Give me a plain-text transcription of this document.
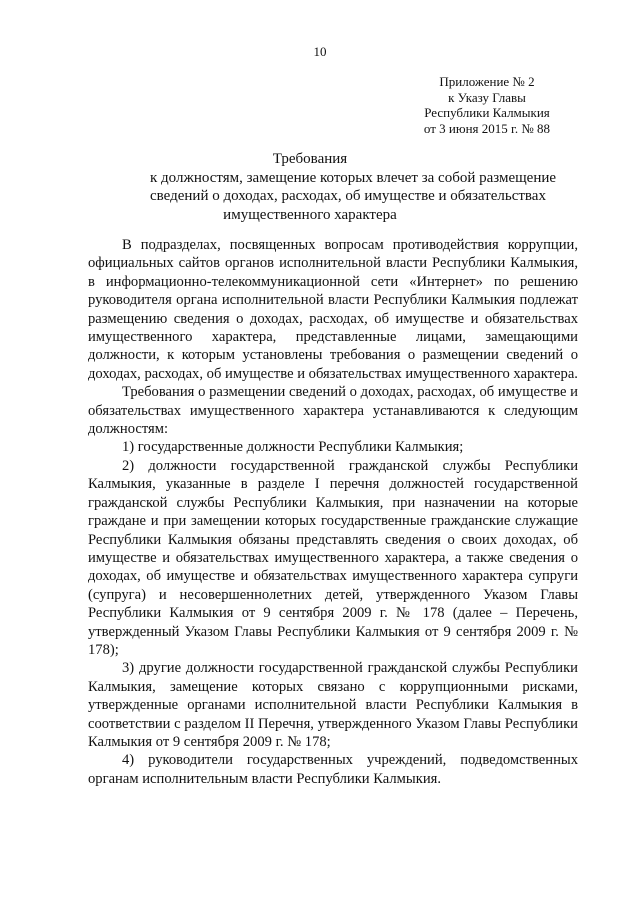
10
Приложение № 2
к Указу Главы
Республики Калмыкия
от 3 июня 2015 г. № 88
Требования
к должностям, замещение которых влечет за собой размещение
сведений о доходах, расходах, об имуществе и обязательствах
имущественного характера

В подразделах, посвященных вопросам противодействия коррупции, официальных сайтов органов исполнительной власти Республики Калмыкия, в информационно-телекоммуникационной сети «Интернет» по решению руководителя органа исполнительной власти Республики Калмыкия подлежат размещению сведения о доходах, расходах, об имуществе и обязательствах имущественного характера, представленные лицами, замещающими должности, к которым установлены требования о размещении сведений о доходах, расходах, об имуществе и обязательствах имущественного характера.

Требования о размещении сведений о доходах, расходах, об имуществе и обязательствах имущественного характера устанавливаются к следующим должностям:

1) государственные должности Республики Калмыкия;

2) должности государственной гражданской службы Республики Калмыкия, указанные в разделе I перечня должностей государственной гражданской службы Республики Калмыкия, при назначении на которые граждане и при замещении которых государственные гражданские служащие Республики Калмыкия обязаны представлять сведения о своих доходах, об имуществе и обязательствах имущественного характера, а также сведения о доходах, об имуществе и обязательствах имущественного характера супруги (супруга) и несовершеннолетних детей, утвержденного Указом Главы Республики Калмыкия от 9 сентября 2009 г. № 178 (далее – Перечень, утвержденный Указом Главы Республики Калмыкия от 9 сентября 2009 г. № 178);

3) другие должности государственной гражданской службы Республики Калмыкия, замещение которых связано с коррупционными рисками, утвержденные органами исполнительной власти Республики Калмыкия в соответствии с разделом II Перечня, утвержденного Указом Главы Республики Калмыкия от 9 сентября 2009 г. № 178;

4) руководители государственных учреждений, подведомственных органам исполнительным власти Республики Калмыкия.
